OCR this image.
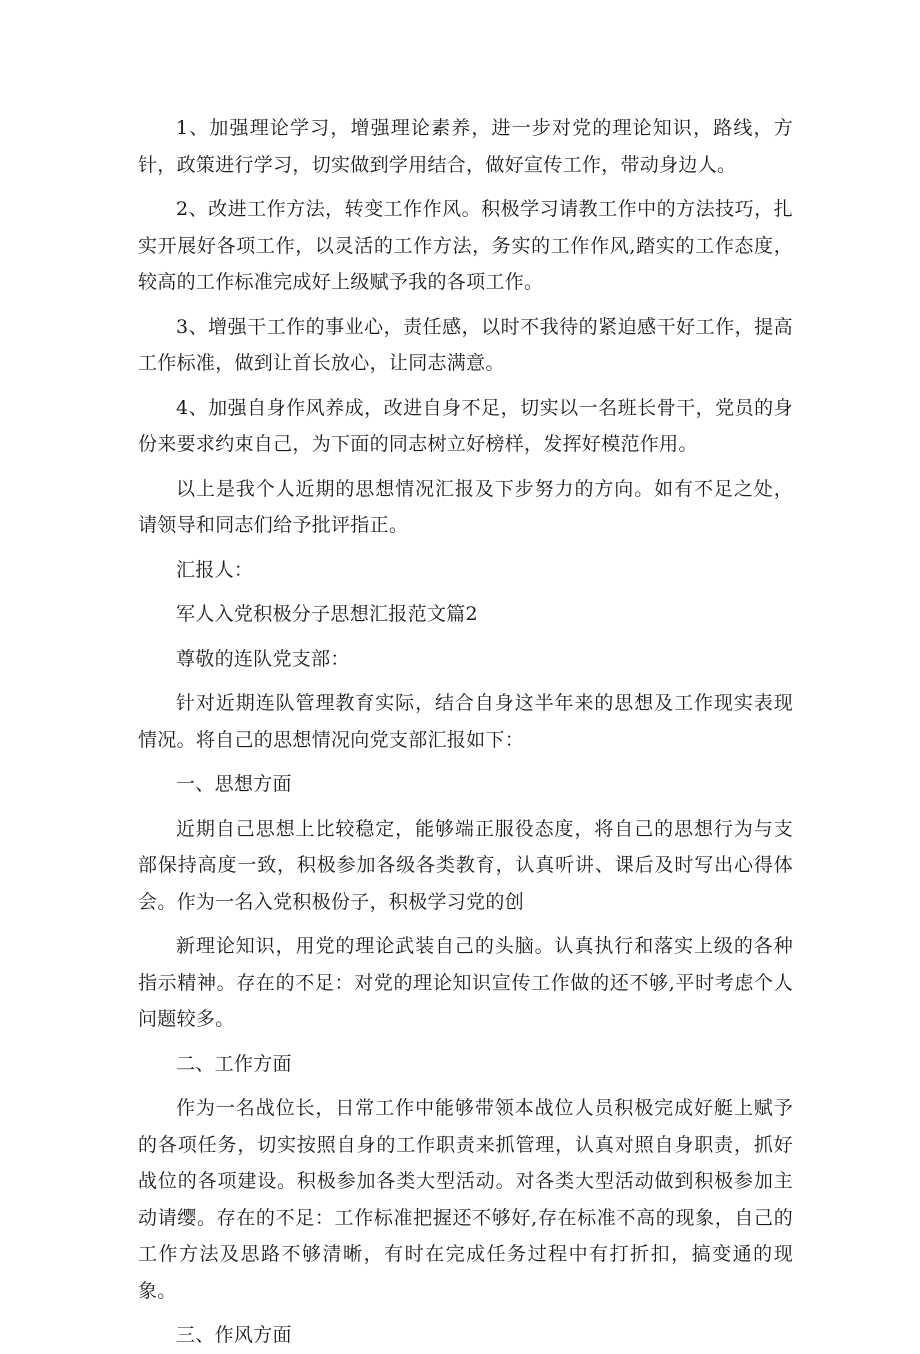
1、加强理论学习，增强理论素养，进一步对党的理论知识，路线，方针，政策进行学习，切实做到学用结合，做好宣传工作，带动身边人。

2、改进工作方法，转变工作作风。积极学习请教工作中的方法技巧，扎实开展好各项工作，以灵活的工作方法，务实的工作作风,踏实的工作态度，较高的工作标准完成好上级赋予我的各项工作。

3、增强干工作的事业心，责任感，以时不我待的紧迫感干好工作，提高工作标准，做到让首长放心，让同志满意。

4、加强自身作风养成，改进自身不足，切实以一名班长骨干，党员的身份来要求约束自己，为下面的同志树立好榜样，发挥好模范作用。

以上是我个人近期的思想情况汇报及下步努力的方向。如有不足之处，请领导和同志们给予批评指正。

汇报人：

军人入党积极分子思想汇报范文篇2

尊敬的连队党支部：

针对近期连队管理教育实际，结合自身这半年来的思想及工作现实表现情况。将自己的思想情况向党支部汇报如下：

一、思想方面

近期自己思想上比较稳定，能够端正服役态度，将自己的思想行为与支部保持高度一致，积极参加各级各类教育，认真听讲、课后及时写出心得体会。作为一名入党积极份子，积极学习党的创

新理论知识，用党的理论武装自己的头脑。认真执行和落实上级的各种指示精神。存在的不足：对党的理论知识宣传工作做的还不够,平时考虑个人问题较多。

二、工作方面

作为一名战位长，日常工作中能够带领本战位人员积极完成好艇上赋予的各项任务，切实按照自身的工作职责来抓管理，认真对照自身职责，抓好战位的各项建设。积极参加各类大型活动。对各类大型活动做到积极参加主动请缨。存在的不足：工作标准把握还不够好,存在标准不高的现象，自己的工作方法及思路不够清晰，有时在完成任务过程中有打折扣，搞变通的现象。

三、作风方面
